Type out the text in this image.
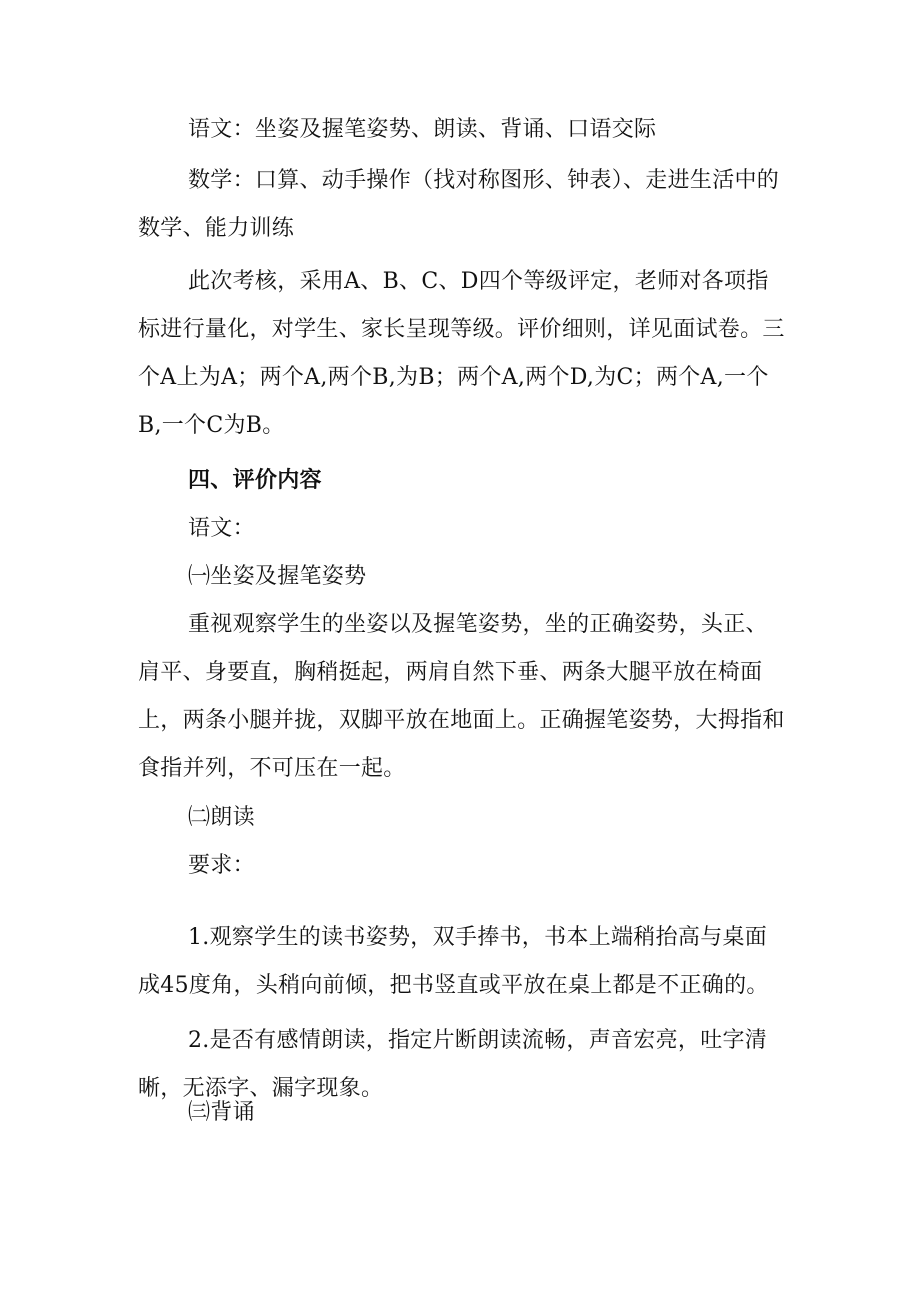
语文：坐姿及握笔姿势、朗读、背诵、口语交际

数学：口算、动手操作（找对称图形、钟表）、走进生活中的数学、能力训练

此次考核，采用A、B、C、D四个等级评定，老师对各项指标进行量化，对学生、家长呈现等级。评价细则，详见面试卷。三个A上为A；两个A,两个B,为B；两个A,两个D,为C；两个A,一个B,一个C为B。

四、评价内容

语文：

㈠坐姿及握笔姿势

重视观察学生的坐姿以及握笔姿势，坐的正确姿势，头正、肩平、身要直，胸稍挺起，两肩自然下垂、两条大腿平放在椅面上，两条小腿并拢，双脚平放在地面上。正确握笔姿势，大拇指和食指并列，不可压在一起。

㈡朗读

要求：

1.观察学生的读书姿势，双手捧书，书本上端稍抬高与桌面成45度角，头稍向前倾，把书竖直或平放在桌上都是不正确的。

2.是否有感情朗读，指定片断朗读流畅，声音宏亮，吐字清晰，无添字、漏字现象。

㈢背诵
